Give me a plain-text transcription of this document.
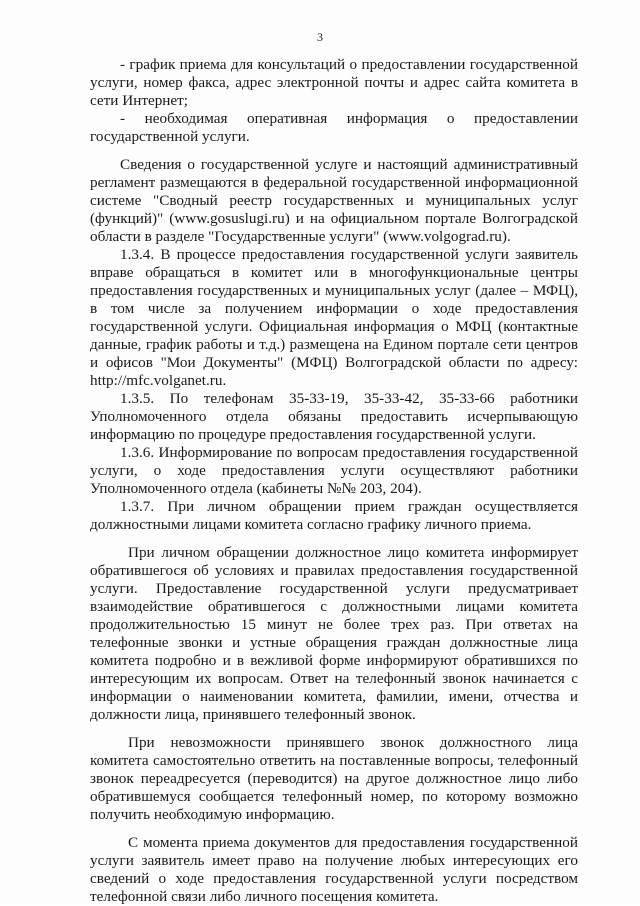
3

- график приема для консультаций о предоставлении государственной услуги, номер факса, адрес электронной почты и адрес сайта комитета в сети Интернет;

- необходимая оперативная информация о предоставлении государственной услуги.

Сведения о государственной услуге и настоящий административный регламент размещаются в федеральной государственной информационной системе "Сводный реестр государственных и муниципальных услуг (функций)" (www.gosuslugi.ru) и на официальном портале Волгоградской области в разделе "Государственные услуги" (www.volgograd.ru).

1.3.4. В процессе предоставления государственной услуги заявитель вправе обращаться в комитет или в многофункциональные центры предоставления государственных и муниципальных услуг (далее – МФЦ), в том числе за получением информации о ходе предоставления государственной услуги. Официальная информация о МФЦ (контактные данные, график работы и т.д.) размещена на Едином портале сети центров и офисов "Мои Документы" (МФЦ) Волгоградской области по адресу: http://mfc.volganet.ru.

1.3.5. По телефонам 35-33-19, 35-33-42, 35-33-66 работники Уполномоченного отдела обязаны предоставить исчерпывающую информацию по процедуре предоставления государственной услуги.

1.3.6. Информирование по вопросам предоставления государственной услуги, о ходе предоставления услуги осуществляют работники Уполномоченного отдела (кабинеты №№ 203, 204).

1.3.7. При личном обращении прием граждан осуществляется должностными лицами комитета согласно графику личного приема.

При личном обращении должностное лицо комитета информирует обратившегося об условиях и правилах предоставления государственной услуги. Предоставление государственной услуги предусматривает взаимодействие обратившегося с должностными лицами комитета продолжительностью 15 минут не более трех раз. При ответах на телефонные звонки и устные обращения граждан должностные лица комитета подробно и в вежливой форме информируют обратившихся по интересующим их вопросам. Ответ на телефонный звонок начинается с информации о наименовании комитета, фамилии, имени, отчества и должности лица, принявшего телефонный звонок.

При невозможности принявшего звонок должностного лица комитета самостоятельно ответить на поставленные вопросы, телефонный звонок переадресуется (переводится) на другое должностное лицо либо обратившемуся сообщается телефонный номер, по которому возможно получить необходимую информацию.

С момента приема документов для предоставления государственной услуги заявитель имеет право на получение любых интересующих его сведений о ходе предоставления государственной услуги посредством телефонной связи либо личного посещения комитета.
